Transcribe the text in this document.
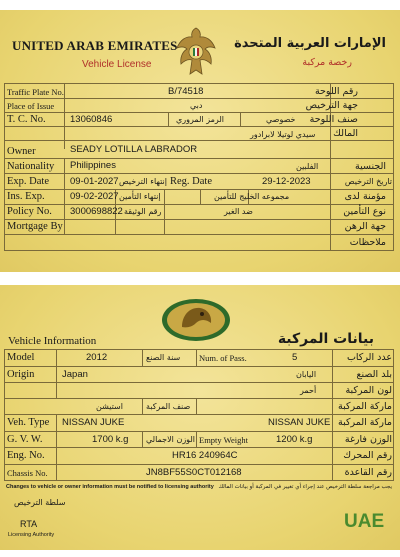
UNITED ARAB EMIRATES	الإمارات العربية المتحدة
Vehicle License	رخصة مركبة
Traffic Plate No.	B/74518	رقم اللوحة
Place of Issue	دبي	جهة الترخيص
T. C. No.	13060846	الرمز المروري	خصوصي صنف اللوحة
سيدي لوتيلا لابرادور المالك
Owner	SEADY LOTILLA LABRADOR
Nationality Philippines	الفلبين	الجنسية
Exp. Date 09-01-2027 إنتهاء الترخيص Reg. Date	29-12-2023	تاريخ الترخيص
Ins. Exp.	09-02-2027 إنتهاء التأمين	مجموعه الخليج للتأمين	مؤمنة لدى
Policy No. 3000698822 رقم الوثيقة	ضد الغير	نوع التأمين
Mortgage By	جهة الرهن
ملاحظات
Vehicle Information	بيانات المركبة
Model	2012	سنة الصنع Num. of Pass.	5	عدد الركاب
Origin	Japan	اليابان	بلد الصنع
أحمر	لون المركبة
استيشن	صنف المركبة	ماركة المركبة
Veh. Type NISSAN JUKE	NISSAN JUKE ماركة المركبة
G. V. W.	1700 k.g الوزن الاجمالي Empty Weight	1200 k.g	الوزن فارغة
Eng. No.	HR16 240964C	رقم المحرك
Chassis No.	JN8BF55S0CT012168	رقم القاعدة
Changes to vehicle or owner information must be notified to licensing authority يجب مراجعة سلطة الترخيص عند إجراء أي تغيير في المركبة أو بيانات المالك
سلطة الترخيص
RTA
Licensing Authority
UAE
